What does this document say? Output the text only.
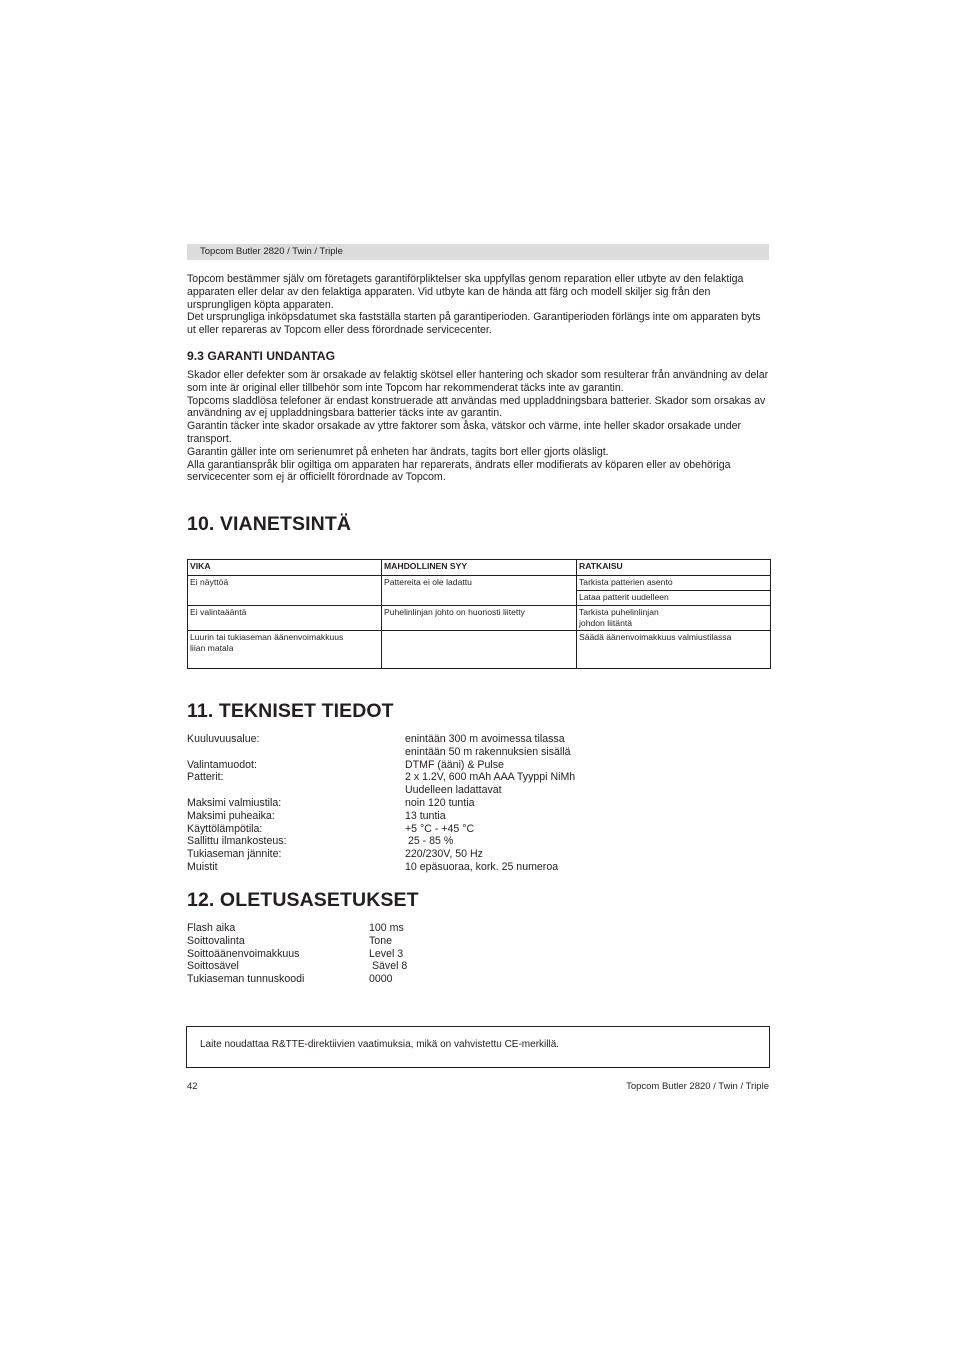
Topcom Butler 2820 / Twin / Triple

Topcom bestämmer själv om företagets garantiförpliktelser ska uppfyllas genom reparation eller utbyte av den felaktiga apparaten eller delar av den felaktiga apparaten. Vid utbyte kan de hända att färg och modell skiljer sig från den ursprungligen köpta apparaten.

Det ursprungliga inköpsdatumet ska fastställa starten på garantiperioden. Garantiperioden förlängs inte om apparaten byts ut eller repareras av Topcom eller dess förordnade servicecenter.

9.3 GARANTI UNDANTAG

Skador eller defekter som är orsakade av felaktig skötsel eller hantering och skador som resulterar från användning av delar som inte är original eller tillbehör som inte Topcom har rekommenderat täcks inte av garantin.

Topcoms sladdlösa telefoner är endast konstruerade att användas med uppladdningsbara batterier. Skador som orsakas av användning av ej uppladdningsbara batterier täcks inte av garantin.

Garantin täcker inte skador orsakade av yttre faktorer som åska, vätskor och värme, inte heller skador orsakade under transport.

Garantin gäller inte om serienumret på enheten har ändrats, tagits bort eller gjorts oläsligt.

Alla garantianspråk blir ogiltiga om apparaten har reparerats, ändrats eller modifierats av köparen eller av obehöriga servicecenter som ej är officiellt förordnade av Topcom.

10. VIANETSINTÄ
VIKA	MAHDOLLINEN SYY	RATKAISU
Ei näyttöä	Pattereita ei ole ladattu	Tarkista patterien asento
		Lataa patterit uudelleen
Ei valintaääntä	Puhelinlinjan johto on huonosti liitetty	Tarkista puhelinlinjan
johdon liitäntä
Luurin tai tukiaseman äänenvoimakkuus
liian matala		Säädä äänenvoimakkuus valmiustilassa
11. TEKNISET TIEDOT
Kuuluvuusalue:	enintään 300 m avoimessa tilassa
enintään 50 m rakennuksien sisällä
Valintamuodot:	DTMF (ääni) & Pulse
Patterit:	2 x 1.2V, 600 mAh AAA Tyyppi NiMh
Uudelleen ladattavat
Maksimi valmiustila:	noin 120 tuntia
Maksimi puheaika:	13 tuntia
Käyttölämpötila:	+5 °C - +45 °C
Sallittu ilmankosteus:	25 - 85 %
Tukiaseman jännite:	220/230V, 50 Hz
Muistit	10 epäsuoraa, kork. 25 numeroa
12. OLETUSASETUKSET
Flash aika	100 ms
Soittovalinta	Tone
Soittoäänenvoimakkuus	Level 3
Soittosävel	Sävel 8
Tukiaseman tunnuskoodi	0000
Laite noudattaa R&TTE-direktiivien vaatimuksia, mikä on vahvistettu CE-merkillä.
42	Topcom Butler 2820 / Twin / Triple
